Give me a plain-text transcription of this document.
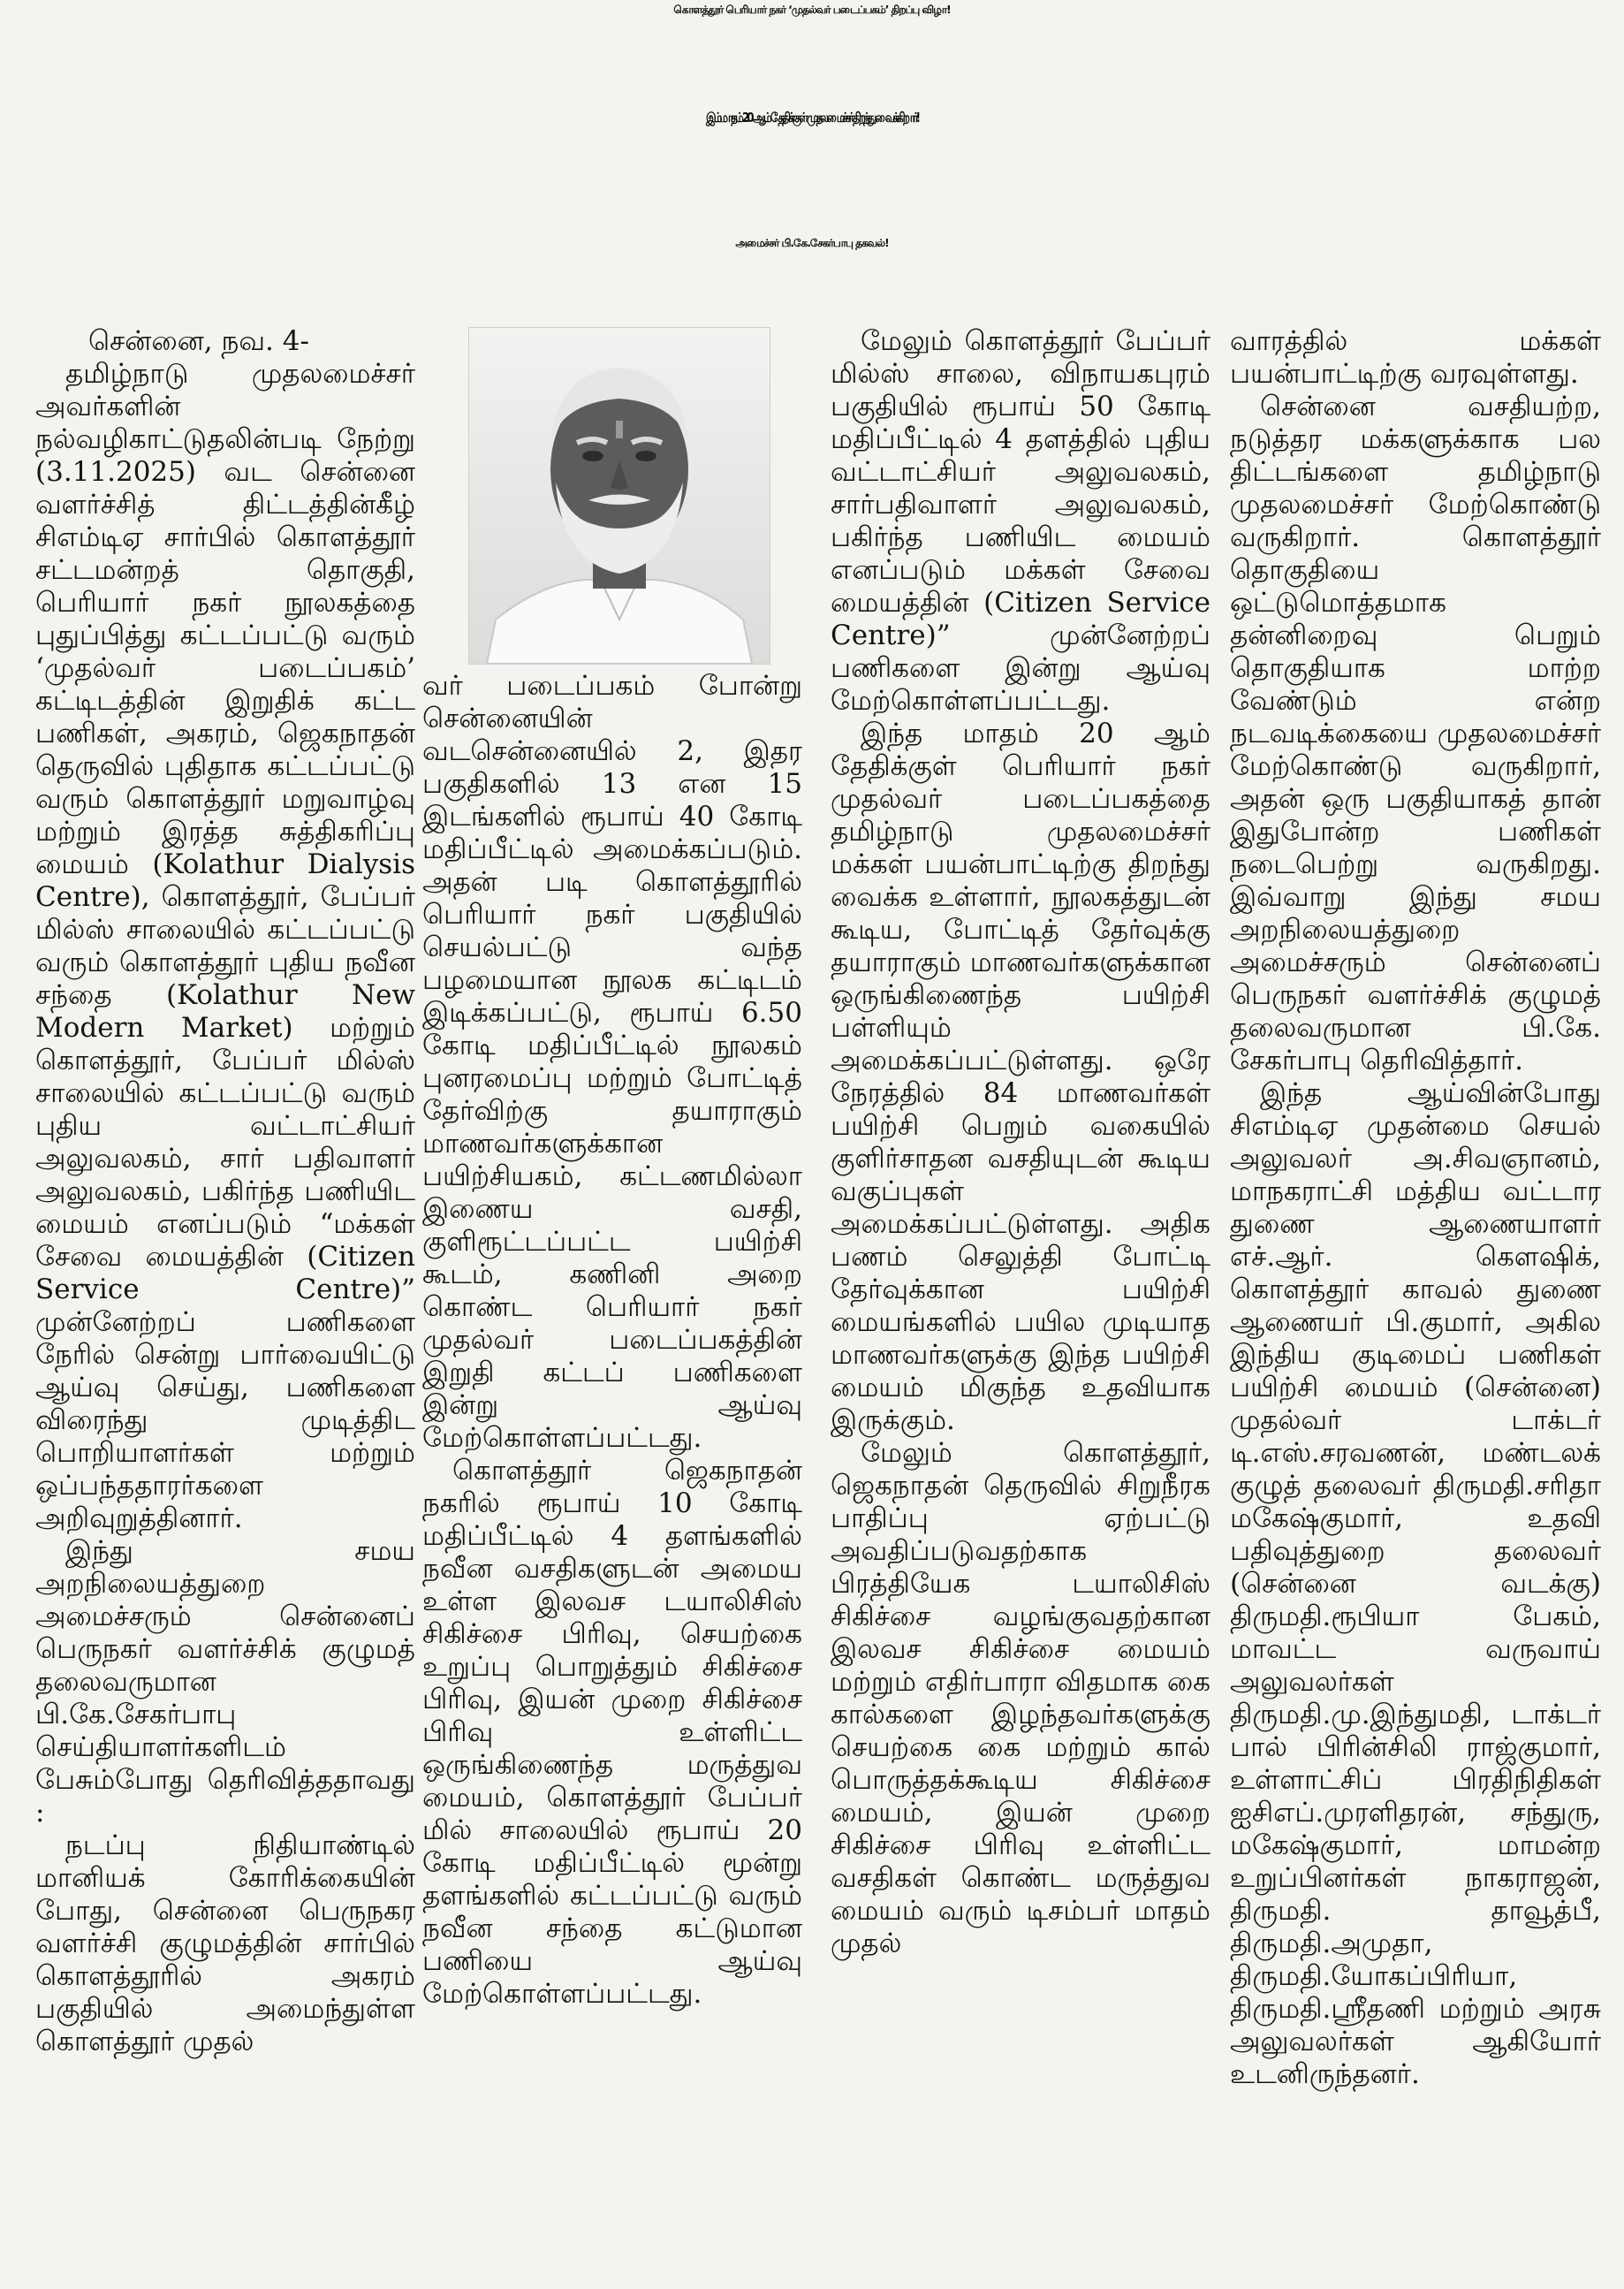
கொளத்தூர் பெரியார் நகர் ‘முதல்வர் படைப்பகம்’ திறப்பு விழா!
இம்மாதம் 20 ஆம் தேதிக்குள் முதலமைச்சர் திறந்து வைக்கிறார்!
அமைச்சர் பி.கே.சேகர்பாபு தகவல்!

சென்னை, நவ. 4-

தமிழ்நாடு முதலமைச்சர் அவர்களின் நல்வழிகாட்டுதலின்படி நேற்று (3.11.2025) வட சென்னை வளர்ச்சித் திட்டத்தின்கீழ் சிஎம்டிஏ சார்பில் கொளத்தூர் சட்டமன்றத் தொகுதி, பெரியார் நகர் நூலகத்தை புதுப்பித்து கட்டப்பட்டு வரும் ‘முதல்வர் படைப்பகம்’ கட்டிடத்தின் இறுதிக் கட்ட பணிகள், அகரம், ஜெகநாதன் தெருவில் புதிதாக கட்டப்பட்டு வரும் கொளத்தூர் மறுவாழ்வு மற்றும் இரத்த சுத்திகரிப்பு மையம் (Kolathur Dialysis Centre), கொளத்தூர், பேப்பர் மில்ஸ் சாலையில் கட்டப்பட்டு வரும் கொளத்தூர் புதிய நவீன சந்தை (Kolathur New Modern Market) மற்றும் கொளத்தூர், பேப்பர் மில்ஸ் சாலையில் கட்டப்பட்டு வரும் புதிய வட்டாட்சியர் அலுவலகம், சார் பதிவாளர் அலுவலகம், பகிர்ந்த பணியிட மையம் எனப்படும் “மக்கள் சேவை மையத்தின் (Citizen Service Centre)” முன்னேற்றப் பணிகளை நேரில் சென்று பார்வையிட்டு ஆய்வு செய்து, பணிகளை விரைந்து முடித்திட பொறியாளர்கள் மற்றும் ஒப்பந்ததாரர்களை அறிவுறுத்தினார்.

இந்து சமய அறநிலையத்துறை அமைச்சரும் சென்னைப் பெருநகர் வளர்ச்சிக் குழுமத் தலைவருமான பி.கே.சேகர்பாபு செய்தியாளர்களிடம் பேசும்போது தெரிவித்ததாவது :

நடப்பு நிதியாண்டில் மானியக் கோரிக்கையின் போது, சென்னை பெருநகர வளர்ச்சி குழுமத்தின் சார்பில் கொளத்தூரில் அகரம் பகுதியில் அமைந்துள்ள கொளத்தூர் முதல்

வர் படைப்பகம் போன்று சென்னையின் வடசென்னையில் 2, இதர பகுதிகளில் 13 என 15 இடங்களில் ரூபாய் 40 கோடி மதிப்பீட்டில் அமைக்கப்படும். அதன் படி கொளத்தூரில் பெரியார் நகர் பகுதியில் செயல்பட்டு வந்த பழமையான நூலக கட்டிடம் இடிக்கப்பட்டு, ரூபாய் 6.50 கோடி மதிப்பீட்டில் நூலகம் புனரமைப்பு மற்றும் போட்டித் தேர்விற்கு தயாராகும் மாணவர்களுக்கான பயிற்சியகம், கட்டணமில்லா இணைய வசதி, குளிரூட்டப்பட்ட பயிற்சி கூடம், கணினி அறை கொண்ட பெரியார் நகர் முதல்வர் படைப்பகத்தின் இறுதி கட்டப் பணிகளை இன்று ஆய்வு மேற்கொள்ளப்பட்டது.

கொளத்தூர் ஜெகநாதன் நகரில் ரூபாய் 10 கோடி மதிப்பீட்டில் 4 தளங்களில் நவீன வசதிகளுடன் அமைய உள்ள இலவச டயாலிசிஸ் சிகிச்சை பிரிவு, செயற்கை உறுப்பு பொறுத்தும் சிகிச்சை பிரிவு, இயன் முறை சிகிச்சை பிரிவு உள்ளிட்ட ஒருங்கிணைந்த மருத்துவ மையம், கொளத்தூர் பேப்பர் மில் சாலையில் ரூபாய் 20 கோடி மதிப்பீட்டில் மூன்று தளங்களில் கட்டப்பட்டு வரும் நவீன சந்தை கட்டுமான பணியை ஆய்வு மேற்கொள்ளப்பட்டது.

மேலும் கொளத்தூர் பேப்பர் மில்ஸ் சாலை, விநாயகபுரம் பகுதியில் ரூபாய் 50 கோடி மதிப்பீட்டில் 4 தளத்தில் புதிய வட்டாட்சியர் அலுவலகம், சார்பதிவாளர் அலுவலகம், பகிர்ந்த பணியிட மையம் எனப்படும் மக்கள் சேவை மையத்தின் (Citizen Service Centre)” முன்னேற்றப் பணிகளை இன்று ஆய்வு மேற்கொள்ளப்பட்டது.

இந்த மாதம் 20 ஆம் தேதிக்குள் பெரியார் நகர் முதல்வர் படைப்பகத்தை தமிழ்நாடு முதலமைச்சர் மக்கள் பயன்பாட்டிற்கு திறந்து வைக்க உள்ளார், நூலகத்துடன் கூடிய, போட்டித் தேர்வுக்கு தயாராகும் மாணவர்களுக்கான ஒருங்கிணைந்த பயிற்சி பள்ளியும் அமைக்கப்பட்டுள்ளது. ஒரே நேரத்தில் 84 மாணவர்கள் பயிற்சி பெறும் வகையில் குளிர்சாதன வசதியுடன் கூடிய வகுப்புகள் அமைக்கப்பட்டுள்ளது. அதிக பணம் செலுத்தி போட்டி தேர்வுக்கான பயிற்சி மையங்களில் பயில முடியாத மாணவர்களுக்கு இந்த பயிற்சி மையம் மிகுந்த உதவியாக இருக்கும்.

மேலும் கொளத்தூர், ஜெகநாதன் தெருவில் சிறுநீரக பாதிப்பு ஏற்பட்டு அவதிப்படுவதற்காக பிரத்தியேக டயாலிசிஸ் சிகிச்சை வழங்குவதற்கான இலவச சிகிச்சை மையம் மற்றும் எதிர்பாரா விதமாக கை கால்களை இழந்தவர்களுக்கு செயற்கை கை மற்றும் கால் பொருத்தக்கூடிய சிகிச்சை மையம், இயன் முறை சிகிச்சை பிரிவு உள்ளிட்ட வசதிகள் கொண்ட மருத்துவ மையம் வரும் டிசம்பர் மாதம் முதல்

வாரத்தில் மக்கள் பயன்பாட்டிற்கு வரவுள்ளது.

சென்னை வசதியற்ற, நடுத்தர மக்களுக்காக பல திட்டங்களை தமிழ்நாடு முதலமைச்சர் மேற்கொண்டு வருகிறார். கொளத்தூர் தொகுதியை ஒட்டுமொத்தமாக தன்னிறைவு பெறும் தொகுதியாக மாற்ற வேண்டும் என்ற நடவடிக்கையை முதலமைச்சர் மேற்கொண்டு வருகிறார், அதன் ஒரு பகுதியாகத் தான் இதுபோன்ற பணிகள் நடைபெற்று வருகிறது. இவ்வாறு இந்து சமய அறநிலையத்துறை அமைச்சரும் சென்னைப் பெருநகர் வளர்ச்சிக் குழுமத் தலைவருமான பி.கே. சேகர்பாபு தெரிவித்தார்.

இந்த ஆய்வின்போது சிஎம்டிஏ முதன்மை செயல் அலுவலர் அ.சிவஞானம், மாநகராட்சி மத்திய வட்டார துணை ஆணையாளர் எச்.ஆர். கௌஷிக், கொளத்தூர் காவல் துணை ஆணையர் பி.குமார், அகில இந்திய குடிமைப் பணிகள் பயிற்சி மையம் (சென்னை) முதல்வர் டாக்டர் டி.எஸ்.சரவணன், மண்டலக் குழுத் தலைவர் திருமதி.சரிதா மகேஷ்குமார், உதவி பதிவுத்துறை தலைவர் (சென்னை வடக்கு) திருமதி.ரூபியா பேகம், மாவட்ட வருவாய் அலுவலர்கள் திருமதி.மு.இந்துமதி, டாக்டர் பால் பிரின்சிலி ராஜ்குமார், உள்ளாட்சிப் பிரதிநிதிகள் ஐசிஎப்.முரளிதரன், சந்துரு, மகேஷ்குமார், மாமன்ற உறுப்பினர்கள் நாகராஜன், திருமதி. தாவூத்பீ, திருமதி.அமுதா, திருமதி.யோகப்பிரியா, திருமதி.ஸ்ரீதணி மற்றும் அரசு அலுவலர்கள் ஆகியோர் உடனிருந்தனர்.
